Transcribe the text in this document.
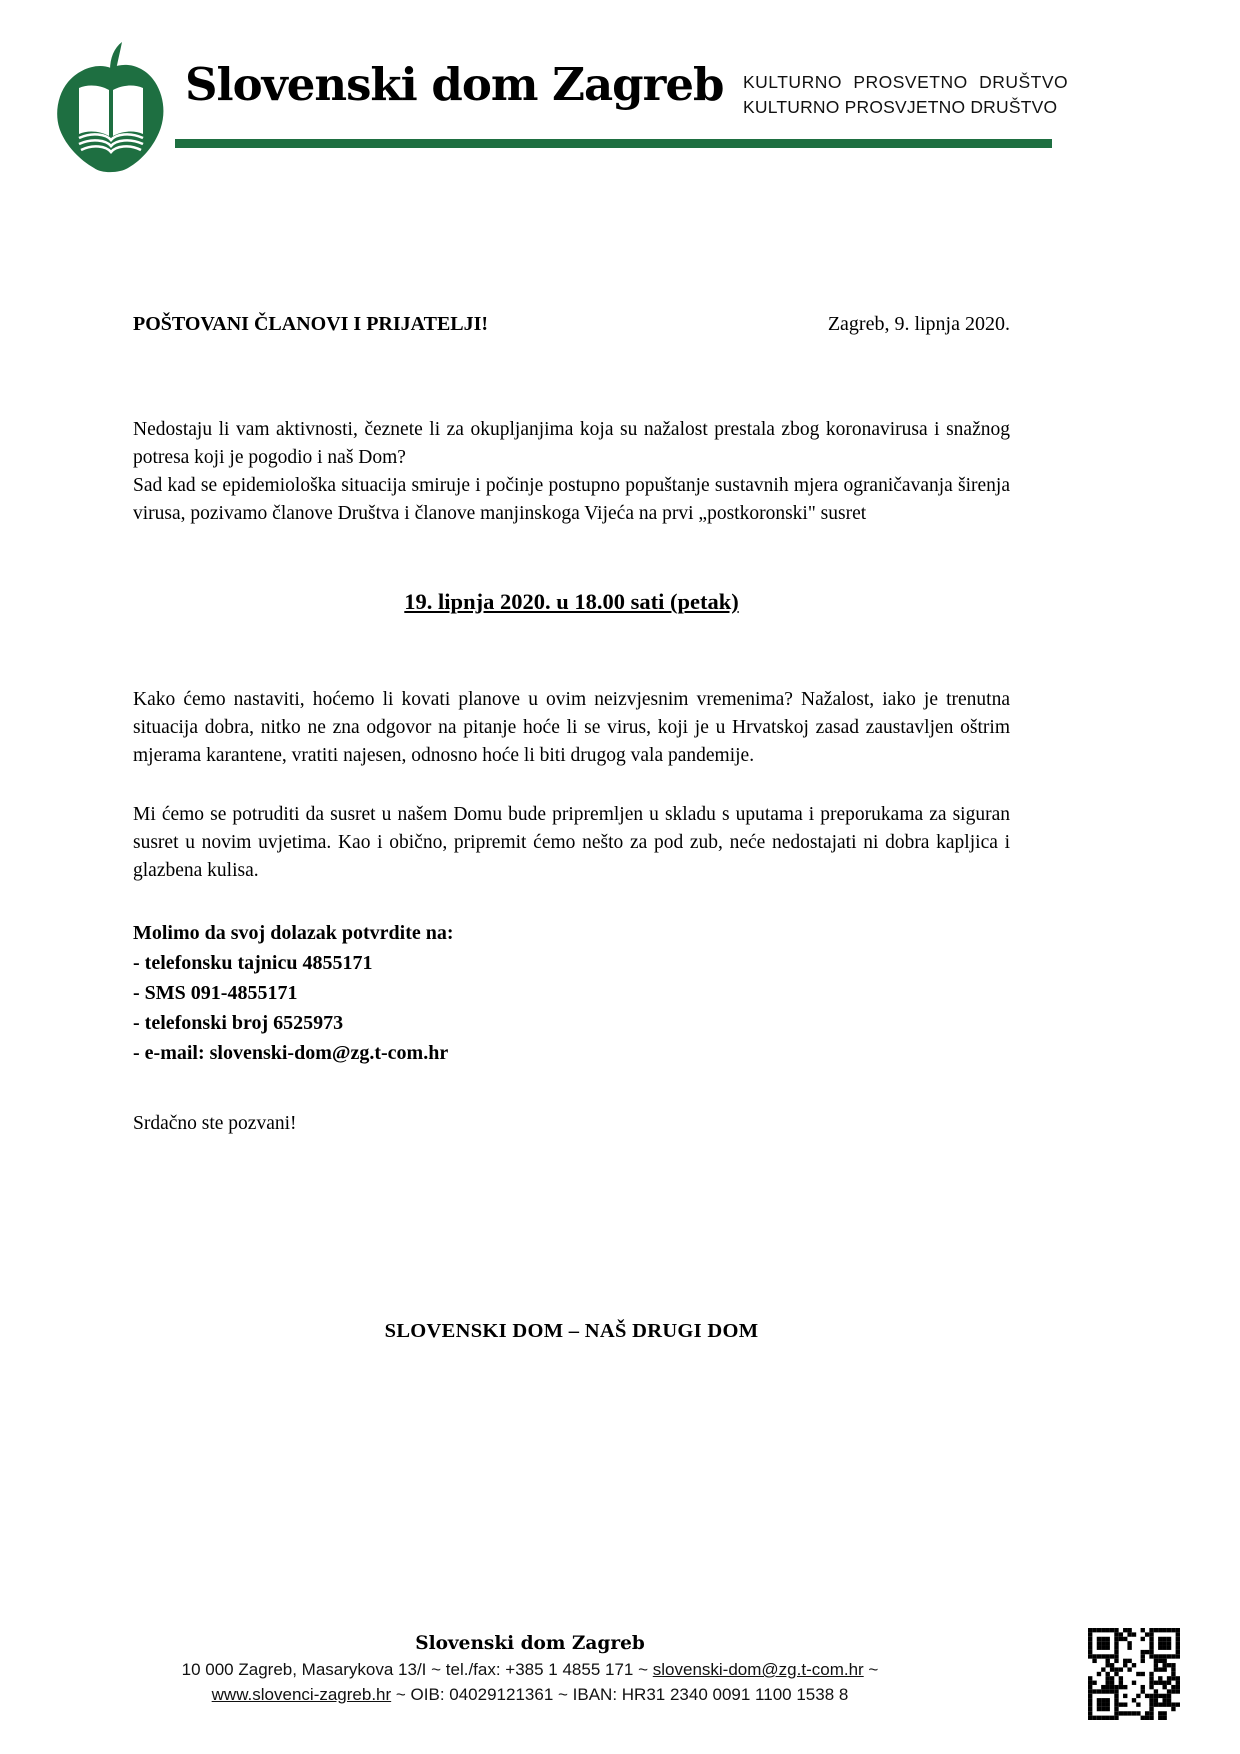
Slovenski dom Zagreb	KULTURNO PROSVETNO DRUŠTVO
KULTURNO PROSVJETNO DRUŠTVO
POŠTOVANI ČLANOVI I PRIJATELJI!	Zagreb, 9. lipnja 2020.

Nedostaju li vam aktivnosti, čeznete li za okupljanjima koja su nažalost prestala zbog koronavirusa i snažnog potresa koji je pogodio i naš Dom?

Sad kad se epidemiološka situacija smiruje i počinje postupno popuštanje sustavnih mjera ograničavanja širenja virusa, pozivamo članove Društva i članove manjinskoga Vijeća na prvi „postkoronski" susret

19. lipnja 2020. u 18.00 sati (petak)

Kako ćemo nastaviti, hoćemo li kovati planove u ovim neizvjesnim vremenima? Nažalost, iako je trenutna situacija dobra, nitko ne zna odgovor na pitanje hoće li se virus, koji je u Hrvatskoj zasad zaustavljen oštrim mjerama karantene, vratiti najesen, odnosno hoće li biti drugog vala pandemije.

Mi ćemo se potruditi da susret u našem Domu bude pripremljen u skladu s uputama i preporukama za siguran susret u novim uvjetima. Kao i obično, pripremit ćemo nešto za pod zub, neće nedostajati ni dobra kapljica i glazbena kulisa.

Molimo da svoj dolazak potvrdite na:
- telefonsku tajnicu 4855171
- SMS 091-4855171
- telefonski broj 6525973
- e-mail: slovenski-dom@zg.t-com.hr
Srdačno ste pozvani!
SLOVENSKI DOM – NAŠ DRUGI DOM
Slovenski dom Zagreb
10 000 Zagreb, Masarykova 13/I ~ tel./fax: +385 1 4855 171 ~ slovenski-dom@zg.t-com.hr ~
www.slovenci-zagreb.hr ~ OIB: 04029121361 ~ IBAN: HR31 2340 0091 1100 1538 8
